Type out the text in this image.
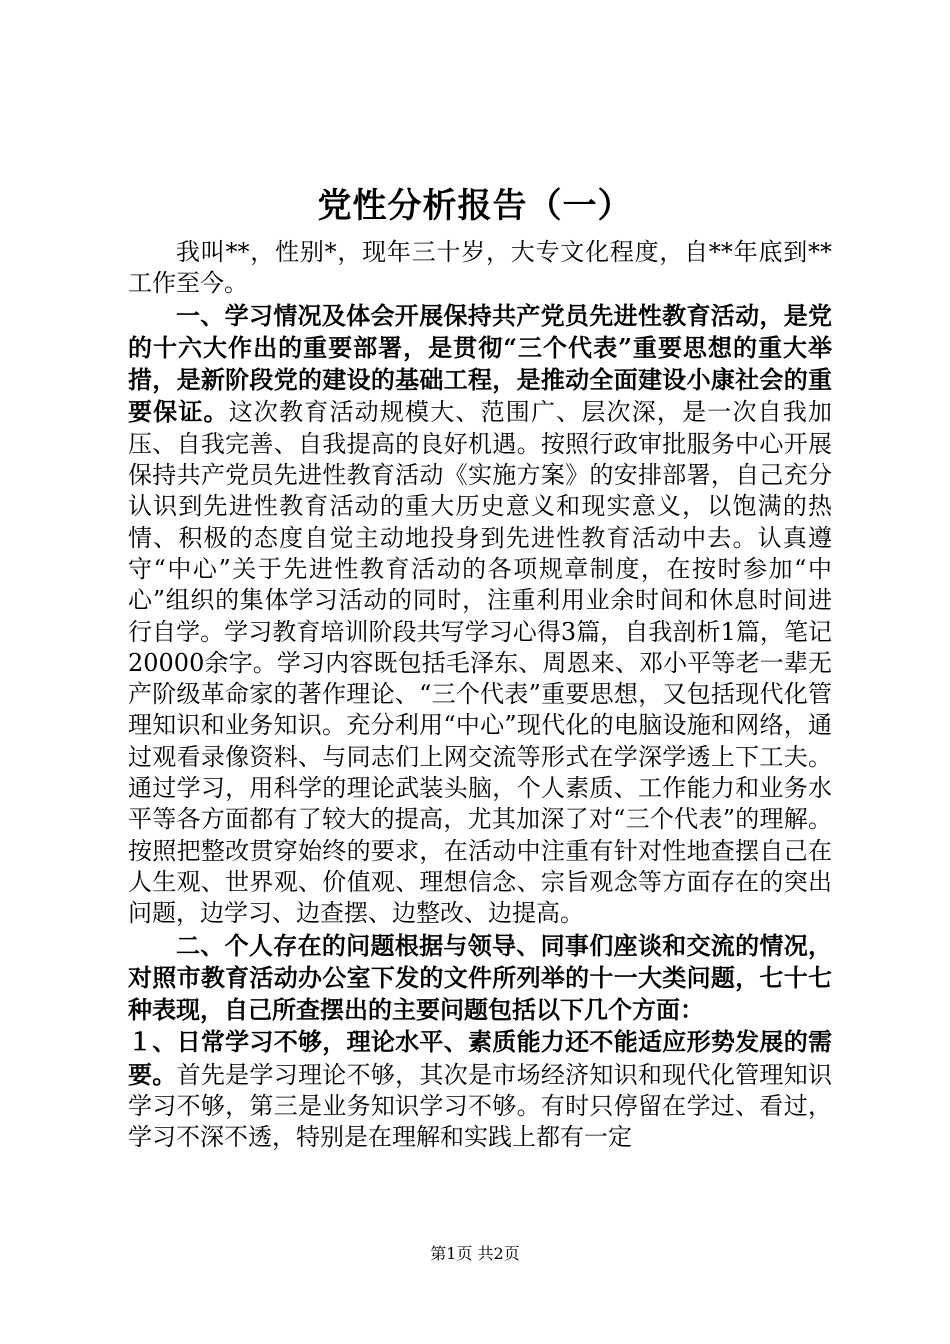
党性分析报告（一）

我叫**，性别*，现年三十岁，大专文化程度，自**年底到**工作至今。

一、学习情况及体会开展保持共产党员先进性教育活动，是党的十六大作出的重要部署，是贯彻“三个代表”重要思想的重大举措，是新阶段党的建设的基础工程，是推动全面建设小康社会的重要保证。这次教育活动规模大、范围广、层次深，是一次自我加压、自我完善、自我提高的良好机遇。按照行政审批服务中心开展保持共产党员先进性教育活动《实施方案》的安排部署，自己充分认识到先进性教育活动的重大历史意义和现实意义，以饱满的热情、积极的态度自觉主动地投身到先进性教育活动中去。认真遵守“中心”关于先进性教育活动的各项规章制度，在按时参加“中心”组织的集体学习活动的同时，注重利用业余时间和休息时间进行自学。学习教育培训阶段共写学习心得3篇，自我剖析1篇，笔记20000余字。学习内容既包括毛泽东、周恩来、邓小平等老一辈无产阶级革命家的著作理论、“三个代表”重要思想，又包括现代化管理知识和业务知识。充分利用“中心”现代化的电脑设施和网络，通过观看录像资料、与同志们上网交流等形式在学深学透上下工夫。通过学习，用科学的理论武装头脑，个人素质、工作能力和业务水平等各方面都有了较大的提高，尤其加深了对“三个代表”的理解。按照把整改贯穿始终的要求，在活动中注重有针对性地查摆自己在人生观、世界观、价值观、理想信念、宗旨观念等方面存在的突出问题，边学习、边查摆、边整改、边提高。

二、个人存在的问题根据与领导、同事们座谈和交流的情况，对照市教育活动办公室下发的文件所列举的十一大类问题，七十七种表现，自己所查摆出的主要问题包括以下几个方面：

１、日常学习不够，理论水平、素质能力还不能适应形势发展的需要。首先是学习理论不够，其次是市场经济知识和现代化管理知识学习不够，第三是业务知识学习不够。有时只停留在学过、看过，学习不深不透，特别是在理解和实践上都有一定

第1页 共2页
